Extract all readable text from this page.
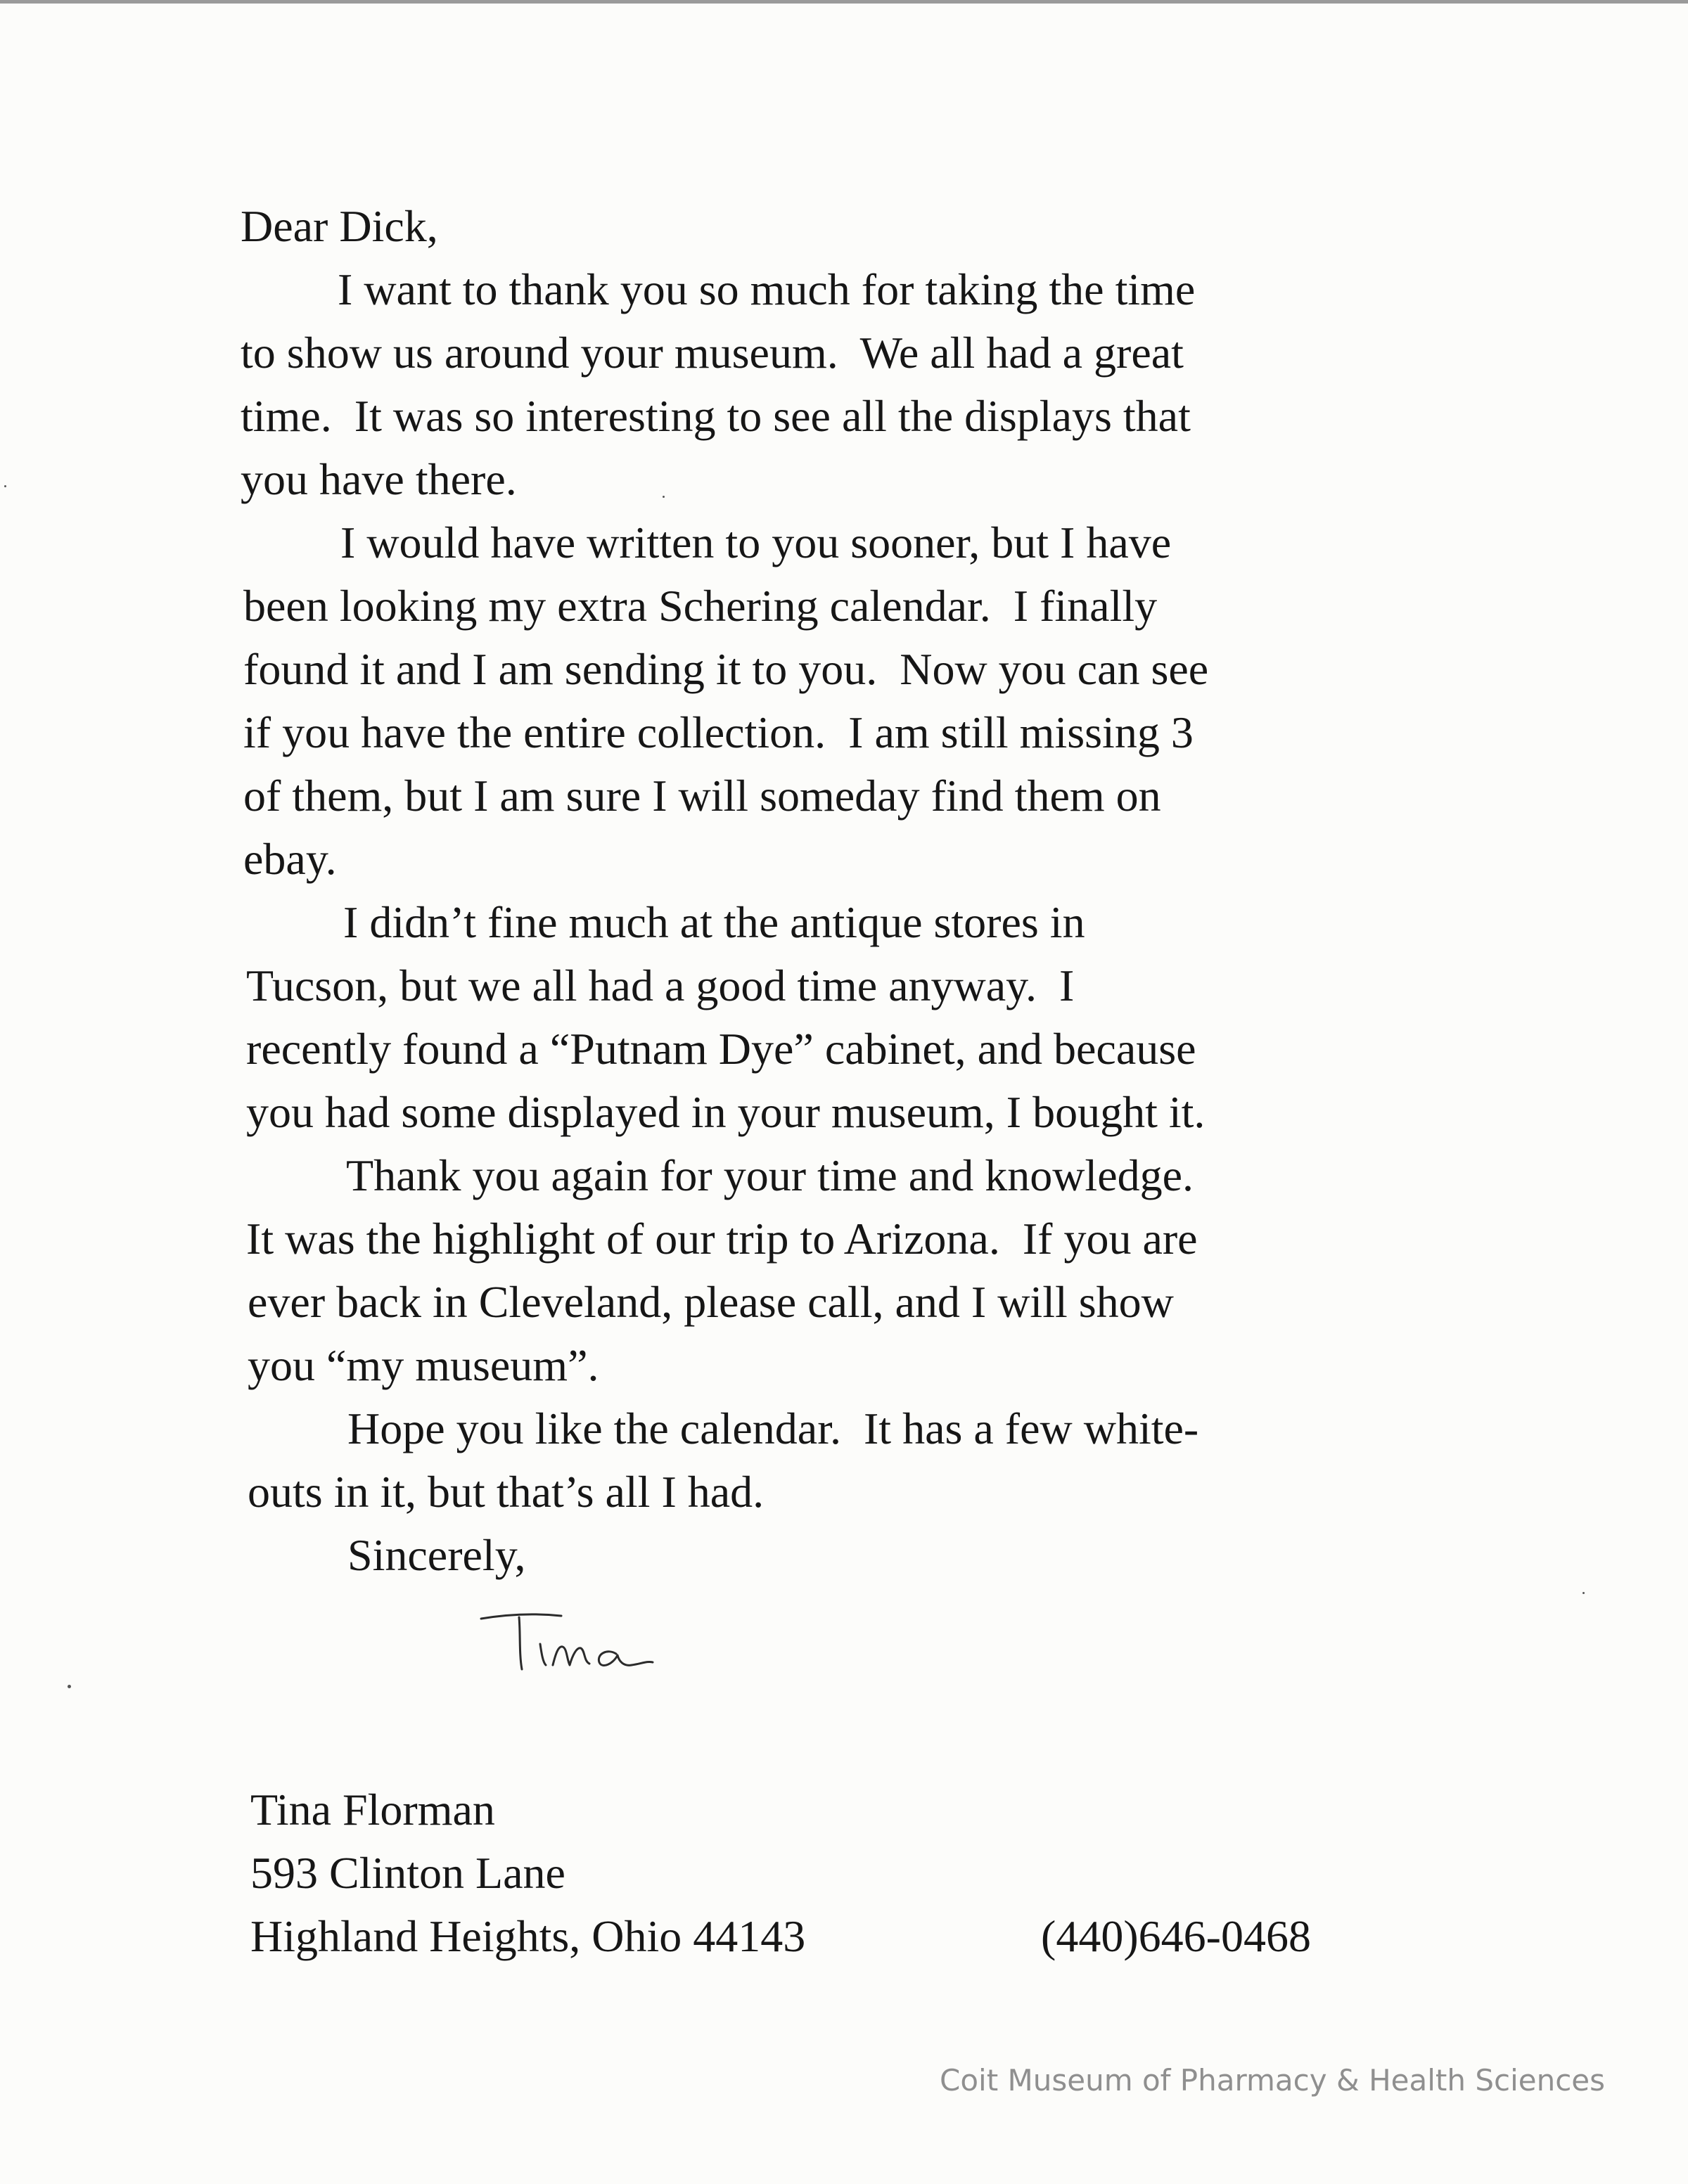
Dear Dick,
I want to thank you so much for taking the time
to show us around your museum.  We all had a great
time.  It was so interesting to see all the displays that
you have there.
I would have written to you sooner, but I have
been looking my extra Schering calendar.  I finally
found it and I am sending it to you.  Now you can see
if you have the entire collection.  I am still missing 3
of them, but I am sure I will someday find them on
ebay.
I didn’t fine much at the antique stores in
Tucson, but we all had a good time anyway.  I
recently found a “Putnam Dye” cabinet, and because
you had some displayed in your museum, I bought it.
Thank you again for your time and knowledge.
It was the highlight of our trip to Arizona.  If you are
ever back in Cleveland, please call, and I will show
you “my museum”.
Hope you like the calendar.  It has a few white-
outs in it, but that’s all I had.
Sincerely,
Tina Florman
593 Clinton Lane
Highland Heights, Ohio 44143	(440)646-0468
Coit Museum of Pharmacy & Health Sciences
